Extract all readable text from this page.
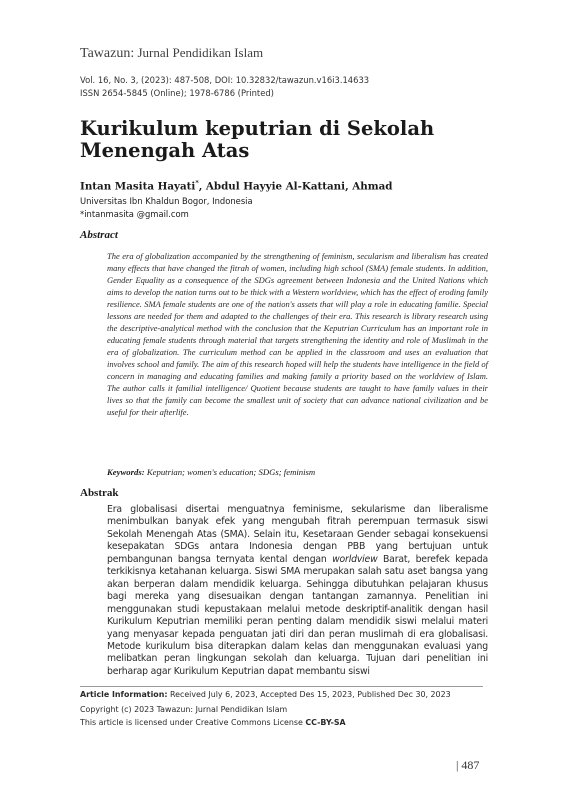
Tawazun: Jurnal Pendidikan Islam
Vol. 16, No. 3, (2023): 487-508, DOI: 10.32832/tawazun.v16i3.14633
ISSN 2654-5845 (Online); 1978-6786 (Printed)
Kurikulum keputrian di Sekolah Menengah Atas
Intan Masita Hayati*, Abdul Hayyie Al-Kattani, Ahmad
Universitas Ibn Khaldun Bogor, Indonesia
*intanmasita @gmail.com
Abstract
The era of globalization accompanied by the strengthening of feminism, secularism and liberalism has created many effects that have changed the fitrah of women, including high school (SMA) female students. In addition, Gender Equality as a consequence of the SDGs agreement between Indonesia and the United Nations which aims to develop the nation turns out to be thick with a Western worldview, which has the effect of eroding family resilience. SMA female students are one of the nation's assets that will play a role in educating familie. Special lessons are needed for them and adapted to the challenges of their era. This research is library research using the descriptive-analytical method with the conclusion that the Keputrian Curriculum has an important role in educating female students through material that targets strengthening the identity and role of Muslimah in the era of globalization. The curriculum method can be applied in the classroom and uses an evaluation that involves school and family. The aim of this research hoped will help the students have intelligence in the field of concern in managing and educating families and making family a priority based on the worldview of Islam. The author calls it familial intelligence/ Quotient because students are taught to have family values in their lives so that the family can become the smallest unit of society that can advance national civilization and be useful for their afterlife.
Keywords: Keputrian; women's education; SDGs; feminism
Abstrak
Era globalisasi disertai menguatnya feminisme, sekularisme dan liberalisme menimbulkan banyak efek yang mengubah fitrah perempuan termasuk siswi Sekolah Menengah Atas (SMA). Selain itu, Kesetaraan Gender sebagai konsekuensi kesepakatan SDGs antara Indonesia dengan PBB yang bertujuan untuk pembangunan bangsa ternyata kental dengan worldview Barat, berefek kepada terkikisnya ketahanan keluarga. Siswi SMA merupakan salah satu aset bangsa yang akan berperan dalam mendidik keluarga. Sehingga dibutuhkan pelajaran khusus bagi mereka yang disesuaikan dengan tantangan zamannya. Penelitian ini menggunakan studi kepustakaan melalui metode deskriptif-analitik dengan hasil Kurikulum Keputrian memiliki peran penting dalam mendidik siswi melalui materi yang menyasar kepada penguatan jati diri dan peran muslimah di era globalisasi. Metode kurikulum bisa diterapkan dalam kelas dan menggunakan evaluasi yang melibatkan peran lingkungan sekolah dan keluarga. Tujuan dari penelitian ini berharap agar Kurikulum Keputrian dapat membantu siswi
Article Information: Received July 6, 2023, Accepted Des 15, 2023, Published Dec 30, 2023
Copyright (c) 2023 Tawazun: Jurnal Pendidikan Islam
This article is licensed under Creative Commons License CC-BY-SA
| 487
